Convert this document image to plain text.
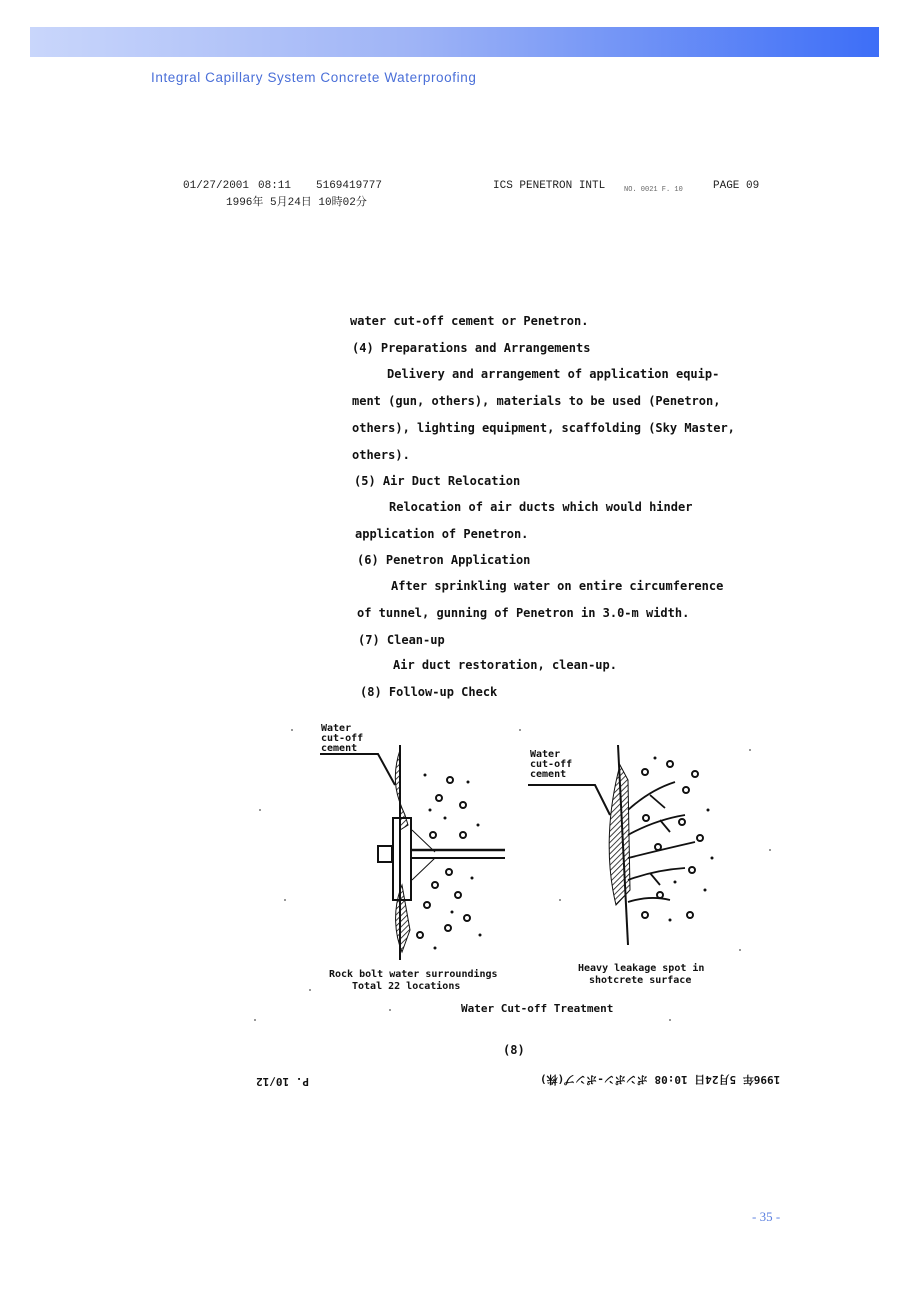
Integral Capillary System Concrete Waterproofing
01/27/2001 08:11 5169419777	ICS PENETRON INTL	NO. 0021 F. 10	PAGE 09
1996年 5月24日 10時02分
water cut-off cement or Penetron.
(4) Preparations and Arrangements
Delivery and arrangement of application equip-
ment (gun, others), materials to be used (Penetron,
others), lighting equipment, scaffolding (Sky Master,
others).
(5) Air Duct Relocation
Relocation of air ducts which would hinder
application of Penetron.
(6) Penetron Application
After sprinkling water on entire circumference
of tunnel, gunning of Penetron in 3.0-m width.
(7) Clean-up
Air duct restoration, clean-up.
(8) Follow-up Check
Water
cut-off
cement
Water
cut-off
cement
Rock bolt water surroundings
Total 22 locations
Heavy leakage spot in
shotcrete surface
Water Cut-off Treatment
(8)
P. 10/12	1996年 5月24日 10:08 ポンポン-ポンプ(株)
- 35 -
